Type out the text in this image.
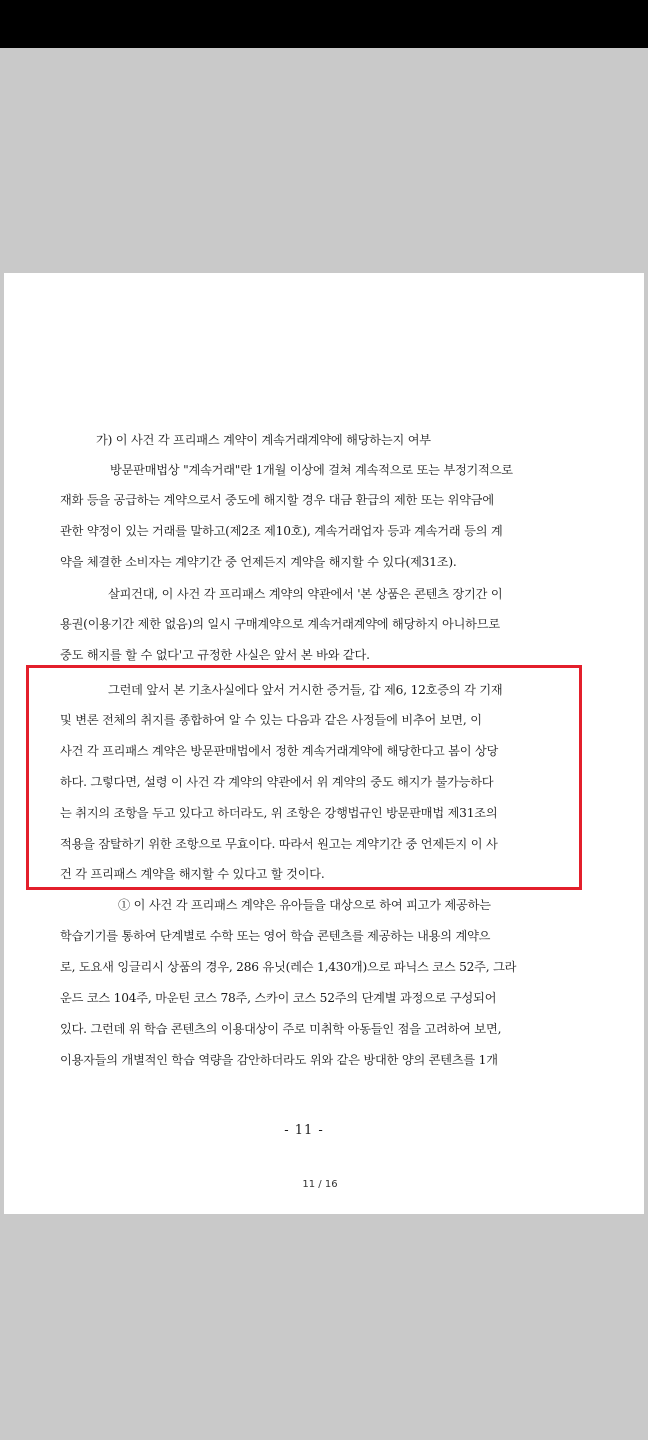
가) 이 사건 각 프리패스 계약이 계속거래계약에 해당하는지 여부
방문판매법상 "계속거래"란 1개월 이상에 걸쳐 계속적으로 또는 부정기적으로
재화 등을 공급하는 계약으로서 중도에 해지할 경우 대금 환급의 제한 또는 위약금에
관한 약정이 있는 거래를 말하고(제2조 제10호), 계속거래업자 등과 계속거래 등의 계
약을 체결한 소비자는 계약기간 중 언제든지 계약을 해지할 수 있다(제31조).
살피건대, 이 사건 각 프리패스 계약의 약관에서 '본 상품은 콘텐츠 장기간 이
용권(이용기간 제한 없음)의 일시 구매계약으로 계속거래계약에 해당하지 아니하므로
중도 해지를 할 수 없다'고 규정한 사실은 앞서 본 바와 같다.
그런데 앞서 본 기초사실에다 앞서 거시한 증거들, 갑 제6, 12호증의 각 기재
및 변론 전체의 취지를 종합하여 알 수 있는 다음과 같은 사정들에 비추어 보면, 이
사건 각 프리패스 계약은 방문판매법에서 정한 계속거래계약에 해당한다고 봄이 상당
하다. 그렇다면, 설령 이 사건 각 계약의 약관에서 위 계약의 중도 해지가 불가능하다
는 취지의 조항을 두고 있다고 하더라도, 위 조항은 강행법규인 방문판매법 제31조의
적용을 잠탈하기 위한 조항으로 무효이다. 따라서 원고는 계약기간 중 언제든지 이 사
건 각 프리패스 계약을 해지할 수 있다고 할 것이다.
① 이 사건 각 프리패스 계약은 유아들을 대상으로 하여 피고가 제공하는
학습기기를 통하여 단계별로 수학 또는 영어 학습 콘텐츠를 제공하는 내용의 계약으
로, 도요새 잉글리시 상품의 경우, 286 유닛(레슨 1,430개)으로 파닉스 코스 52주, 그라
운드 코스 104주, 마운틴 코스 78주, 스카이 코스 52주의 단계별 과정으로 구성되어
있다. 그런데 위 학습 콘텐츠의 이용대상이 주로 미취학 아동들인 점을 고려하여 보면,
이용자들의 개별적인 학습 역량을 감안하더라도 위와 같은 방대한 양의 콘텐츠를 1개
- 11 -
11 / 16
